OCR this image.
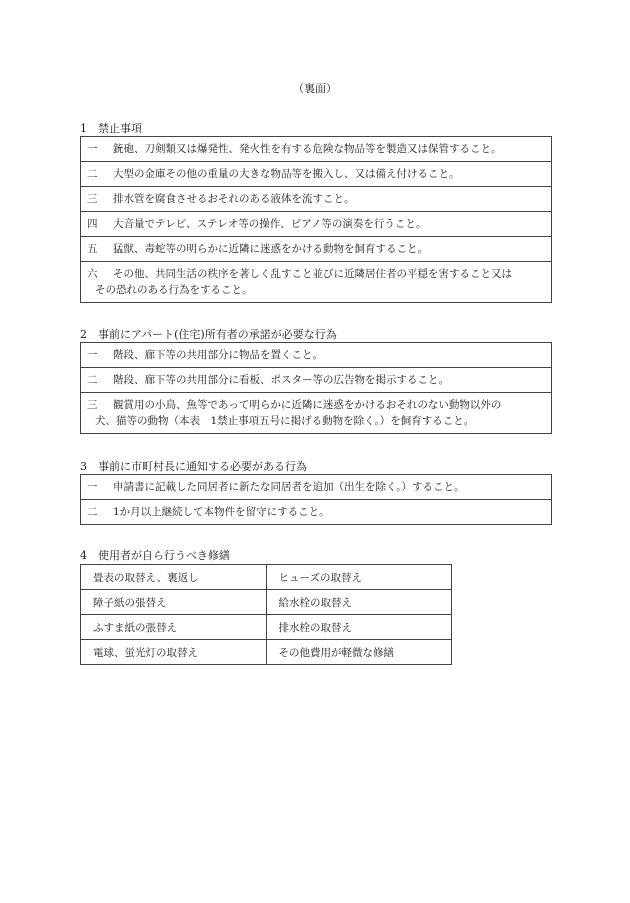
（裏面）
1　禁止事項
一	銃砲、刀剣類又は爆発性、発火性を有する危険な物品等を製造又は保管すること。

二	大型の金庫その他の重量の大きな物品等を搬入し、又は備え付けること。

三	排水管を腐食させるおそれのある液体を流すこと。

四	大音量でテレビ、ステレオ等の操作、ピアノ等の演奏を行うこと。

五	猛獣、毒蛇等の明らかに近隣に迷惑をかける動物を飼育すること。

六	その他、共同生活の秩序を著しく乱すこと並びに近隣居住者の平穏を害すること又は
その恐れのある行為をすること。
2　事前にアパート(住宅)所有者の承諾が必要な行為
一	階段、廊下等の共用部分に物品を置くこと。

二	階段、廊下等の共用部分に看板、ポスター等の広告物を掲示すること。

三	観賞用の小鳥、魚等であって明らかに近隣に迷惑をかけるおそれのない動物以外の
犬、猫等の動物（本表　1禁止事項五号に掲げる動物を除く。）を飼育すること。
3　事前に市町村長に通知する必要がある行為
一	申請書に記載した同居者に新たな同居者を追加（出生を除く。）すること。

二	1か月以上継続して本物件を留守にすること。
4　使用者が自ら行うべき修繕
畳表の取替え、裏返し	ヒューズの取替え
障子紙の張替え	給水栓の取替え
ふすま紙の張替え	排水栓の取替え
電球、蛍光灯の取替え	その他費用が軽微な修繕
